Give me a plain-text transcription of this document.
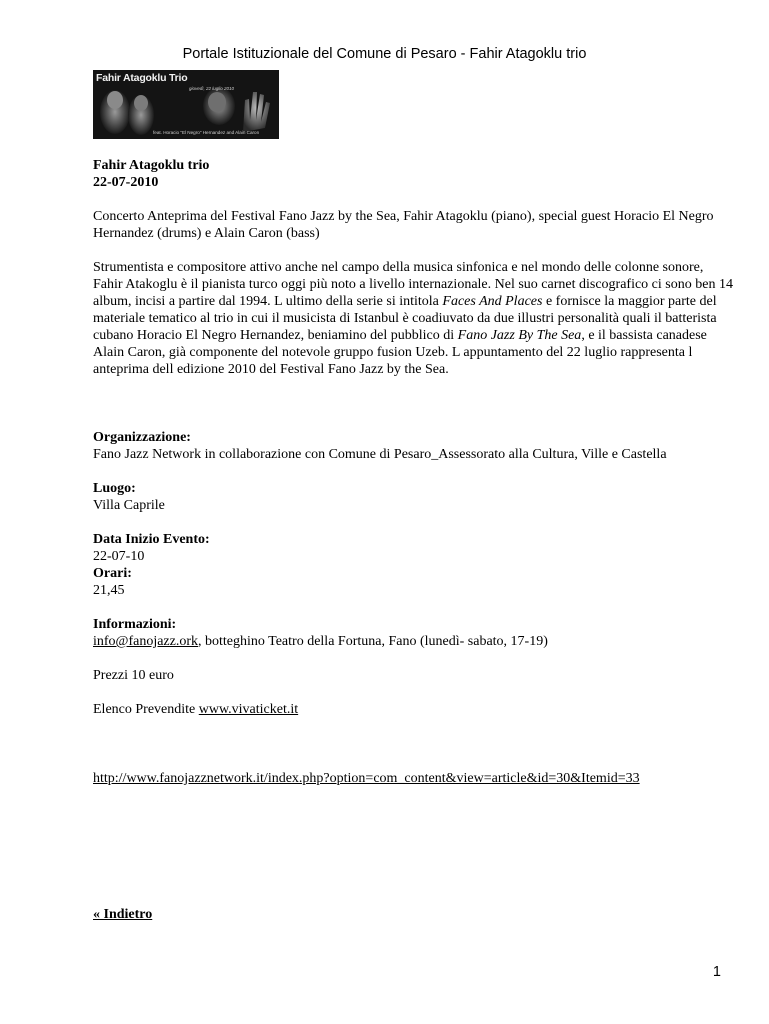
Portale Istituzionale del Comune di Pesaro - Fahir Atagoklu trio
Fahir Atagoklu Trio
giovedì, 22 luglio 2010
feat. Horacio "El Negro" Hernandez and Alain Caron

Fahir Atagoklu trio

22-07-2010

Concerto Anteprima del Festival Fano Jazz by the Sea, Fahir Atagoklu (piano), special guest Horacio El Negro Hernandez (drums) e Alain Caron (bass)

Strumentista e compositore attivo anche nel campo della musica sinfonica e nel mondo delle colonne sonore, Fahir Atakoglu è il pianista turco oggi più noto a livello internazionale. Nel suo carnet discografico ci sono ben 14 album, incisi a partire dal 1994. L ultimo della serie si intitola Faces And Places e fornisce la maggior parte del materiale tematico al trio in cui il musicista di Istanbul è coadiuvato da due illustri personalità quali il batterista cubano Horacio El Negro Hernandez, beniamino del pubblico di Fano Jazz By The Sea, e il bassista canadese Alain Caron, già componente del notevole gruppo fusion Uzeb. L appuntamento del 22 luglio rappresenta l anteprima dell edizione 2010 del Festival Fano Jazz by the Sea.

Organizzazione:

Fano Jazz Network in collaborazione con Comune di Pesaro_Assessorato alla Cultura, Ville e Castella

Luogo:

Villa Caprile

Data Inizio Evento:

22-07-10

Orari:

21,45

Informazioni:

info@fanojazz.ork, botteghino Teatro della Fortuna, Fano (lunedì- sabato, 17-19)

Prezzi 10 euro

Elenco Prevendite www.vivaticket.it

http://www.fanojazznetwork.it/index.php?option=com_content&view=article&id=30&Itemid=33
« Indietro
1
